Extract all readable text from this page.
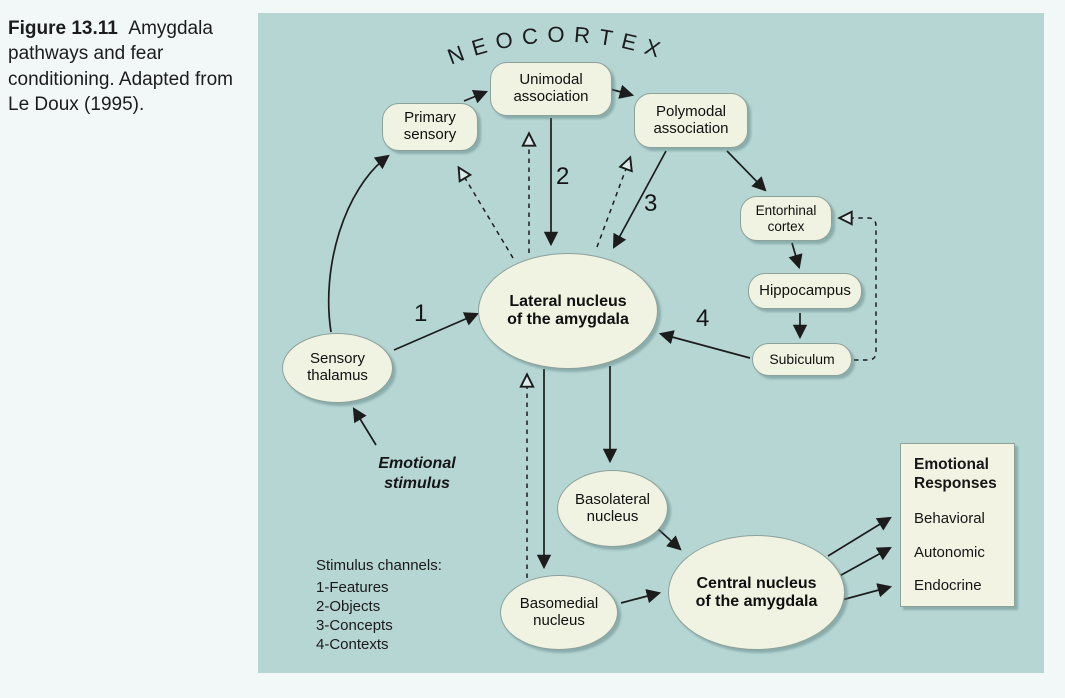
Figure 13.11 Amygdala pathways and fear conditioning. Adapted from Le Doux (1995).

NEOCORTEX
Primary sensory
Unimodal association
Polymodal association
Entorhinal cortex
Hippocampus
Subiculum
Lateral nucleus of the amygdala
Sensory thalamus
Basolateral nucleus
Basomedial nucleus
Central nucleus of the amygdala
1
2
3
4
Emotional stimulus
Stimulus channels:
1-Features
2-Objects
3-Concepts
4-Contexts
Emotional Responses
Behavioral
Autonomic
Endocrine
